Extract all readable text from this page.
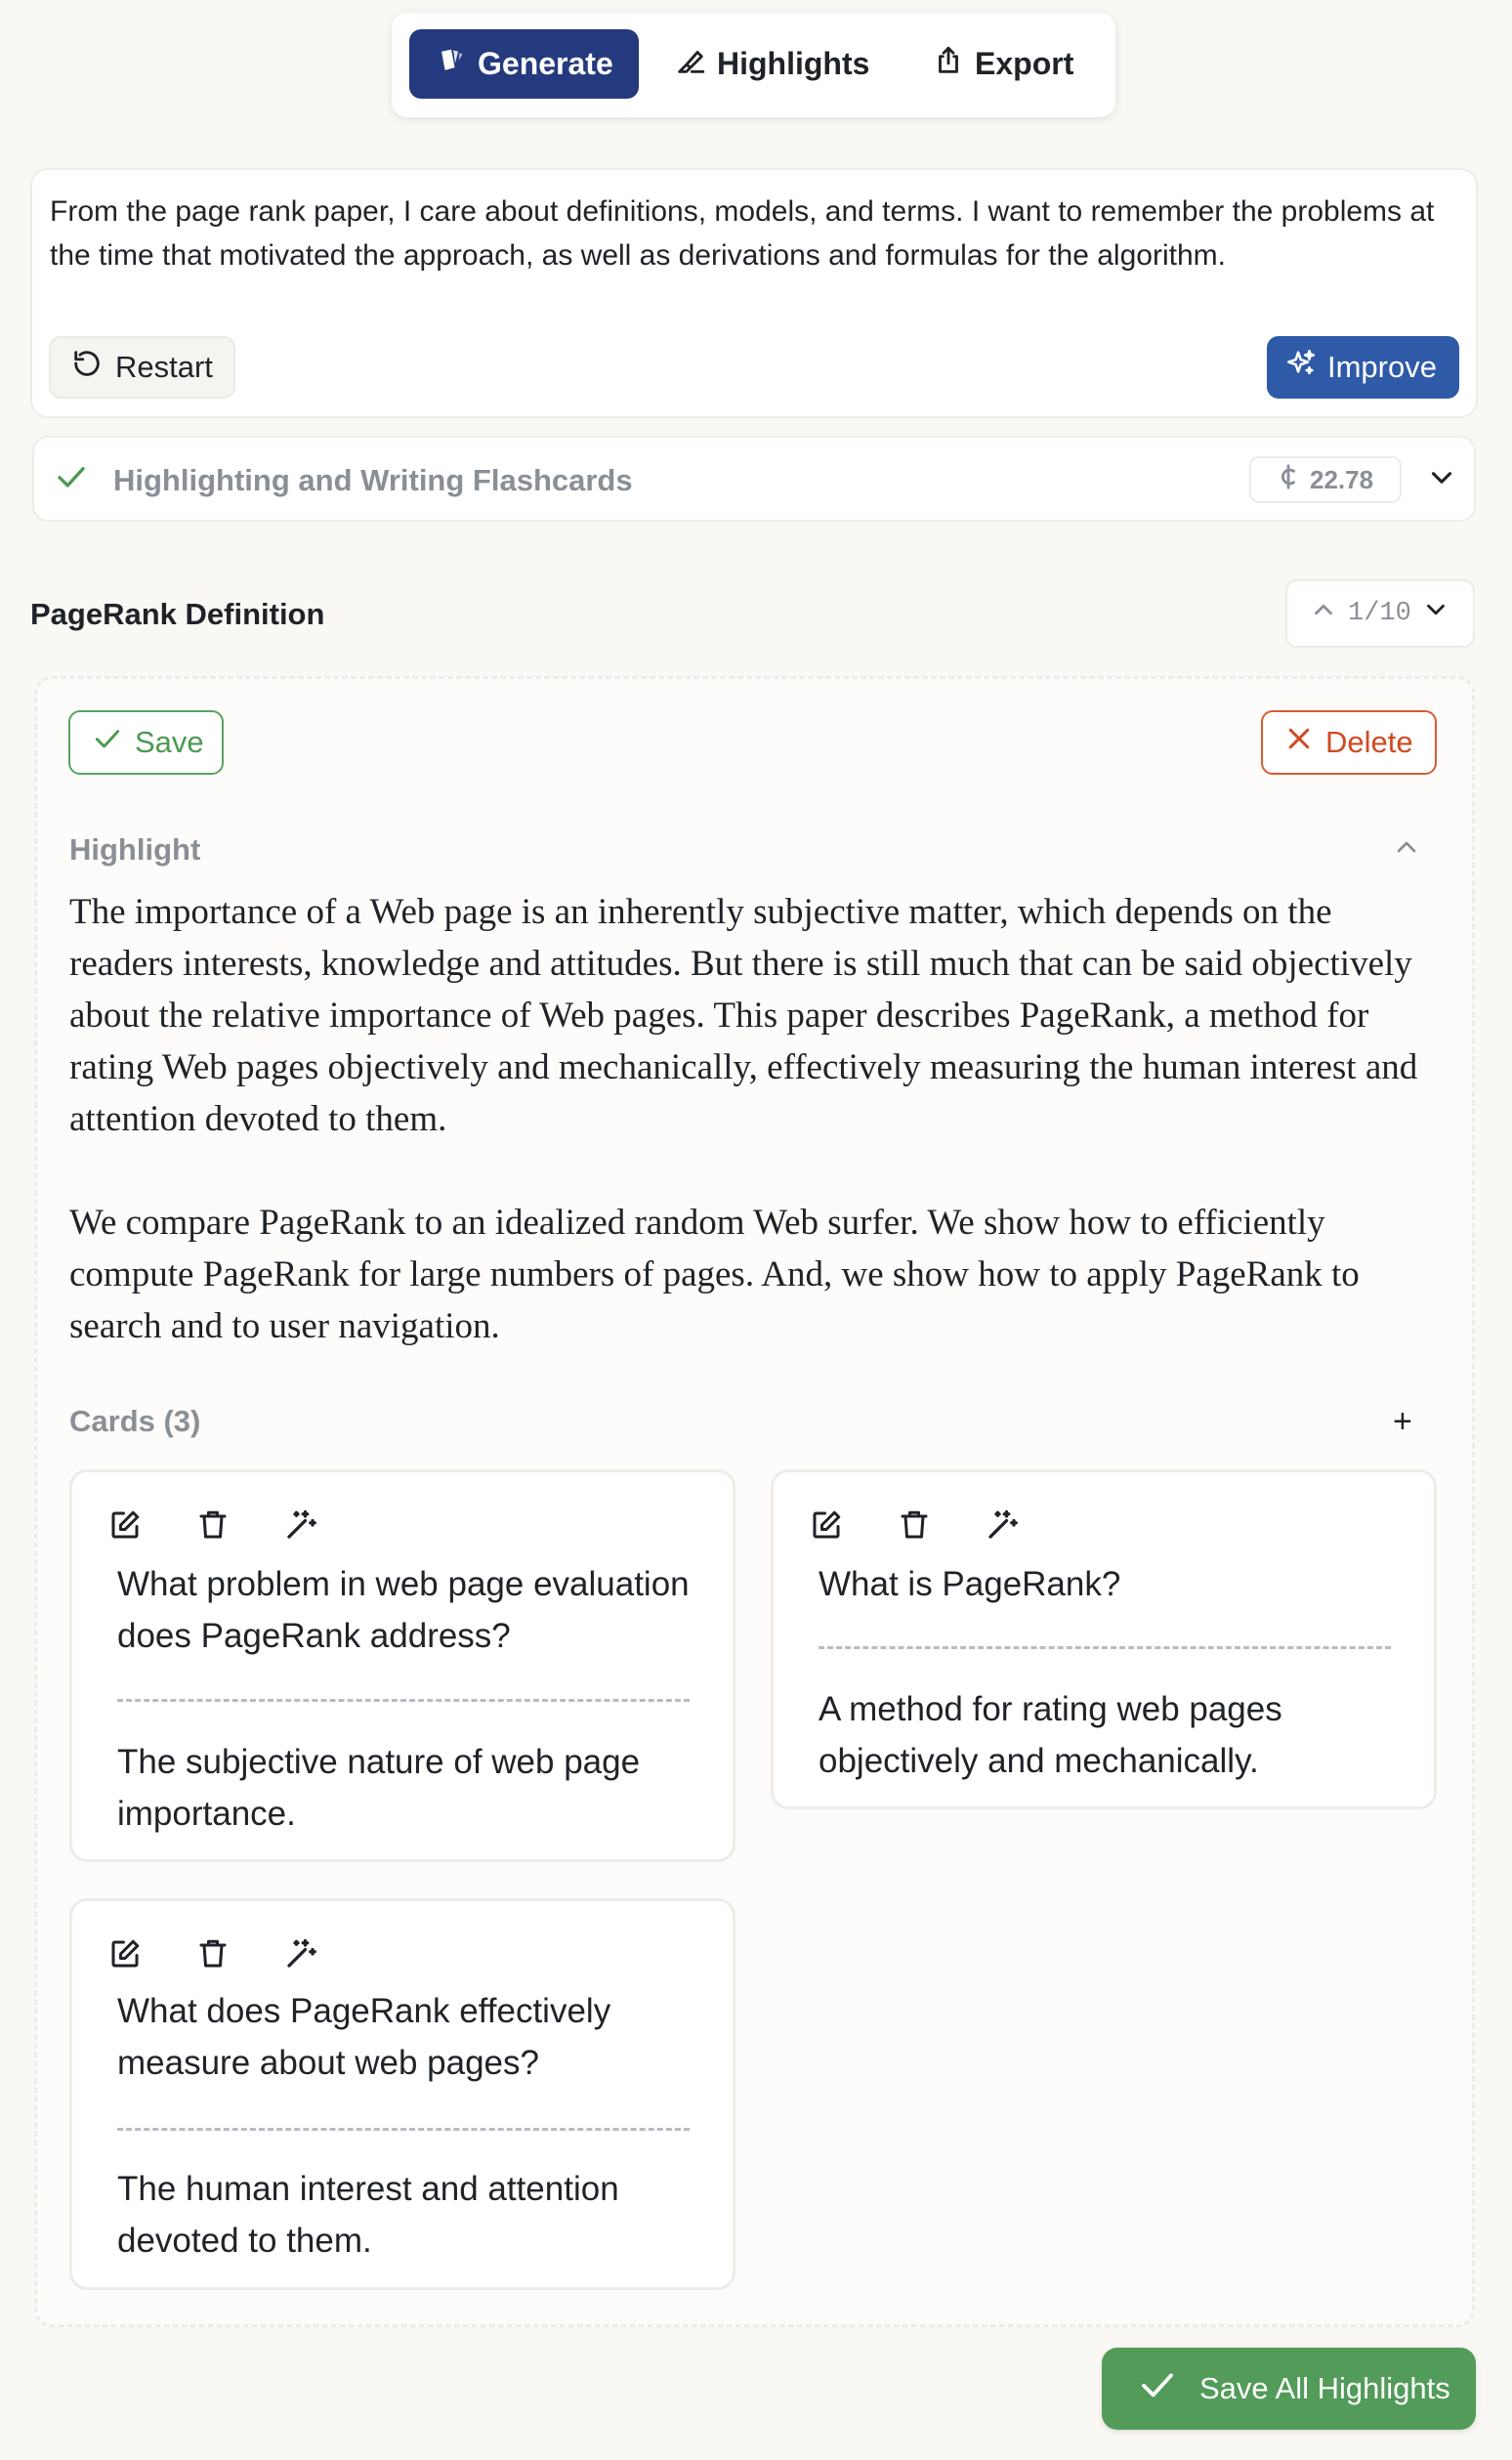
Generate	Highlights	Export
From the page rank paper, I care about definitions, models, and terms. I want to remember the problems at the time that motivated the approach, as well as derivations and formulas for the algorithm.
Restart	Improve
Highlighting and Writing Flashcards	22.78
PageRank Definition	1/10
Save	Delete
Highlight

The importance of a Web page is an inherently subjective matter, which depends on the readers interests, knowledge and attitudes. But there is still much that can be said objectively about the relative importance of Web pages. This paper describes PageRank, a method for rating Web pages objectively and mechanically, effectively measuring the human interest and attention devoted to them.

We compare PageRank to an idealized random Web surfer. We show how to efficiently compute PageRank for large numbers of pages. And, we show how to apply PageRank to search and to user navigation.

Cards (3)	+
What problem in web page evaluation does PageRank address?
The subjective nature of web page importance.
What is PageRank?
A method for rating web pages objectively and mechanically.
What does PageRank effectively measure about web pages?
The human interest and attention devoted to them.
Save All Highlights
